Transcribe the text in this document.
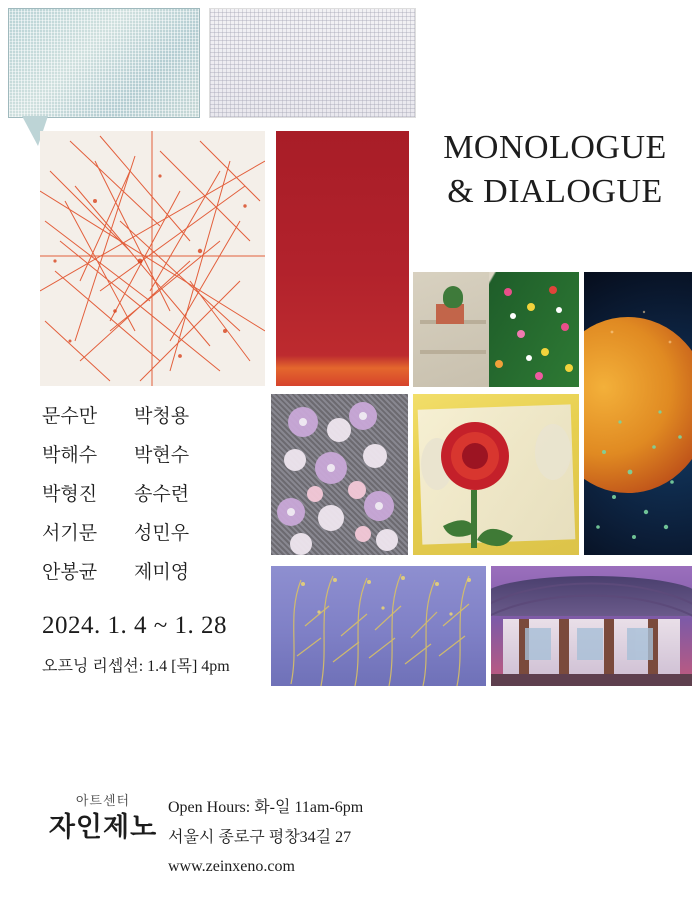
MONOLOGUE
& DIALOGUE
문수만	박청용
박해수	박현수
박형진	송수련
서기문	성민우
안봉균	제미영
2024. 1. 4 ~ 1. 28
오프닝 리셉션: 1.4 [목] 4pm
아트센터
자인제노
Open Hours: 화-일 11am-6pm
서울시 종로구 평창34길 27
www.zeinxeno.com
